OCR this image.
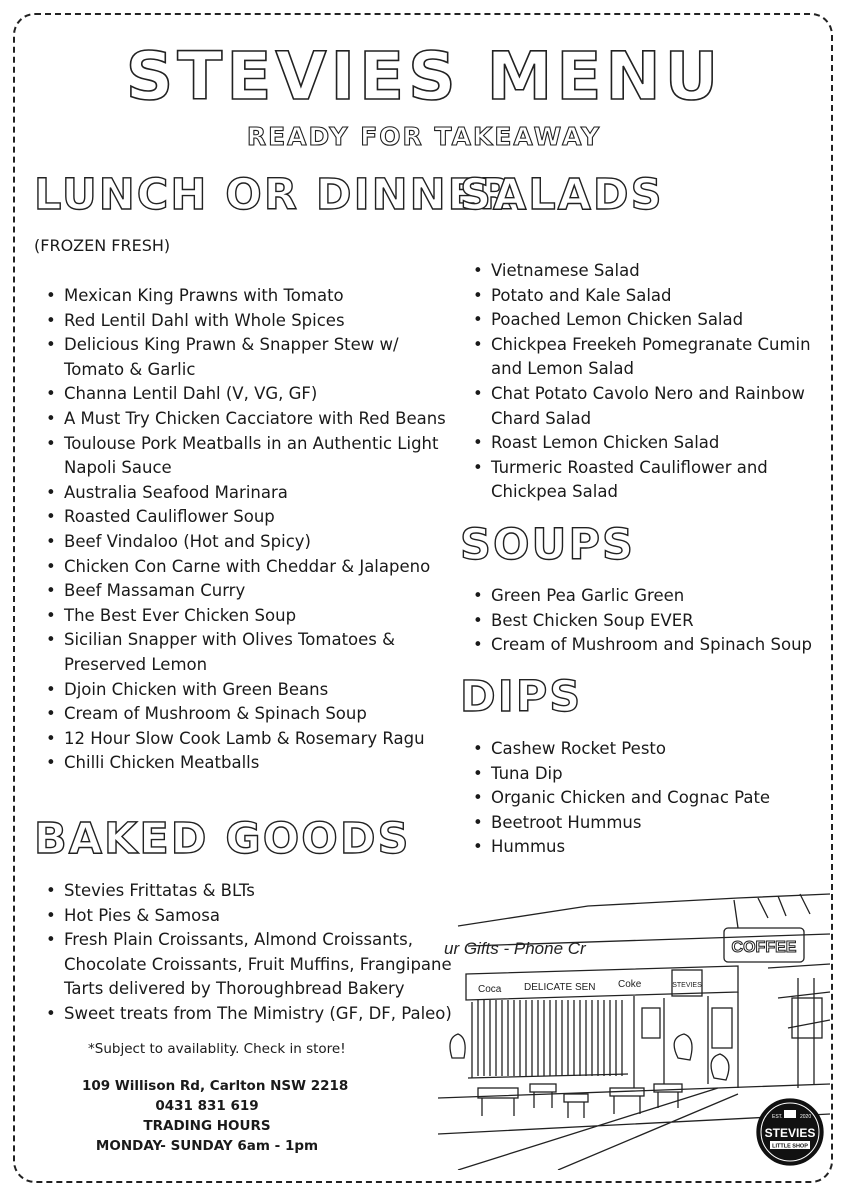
STEVIES MENU
READY FOR TAKEAWAY
LUNCH OR DINNER
(FROZEN FRESH)
• Mexican King Prawns with Tomato
• Red Lentil Dahl with Whole Spices
• Delicious King Prawn & Snapper Stew w/ Tomato & Garlic
• Channa Lentil Dahl (V, VG, GF)
• A Must Try Chicken Cacciatore with Red Beans
• Toulouse Pork Meatballs in an Authentic Light Napoli Sauce
• Australia Seafood Marinara
• Roasted Cauliflower Soup
• Beef Vindaloo (Hot and Spicy)
• Chicken Con Carne with Cheddar & Jalapeno
• Beef Massaman Curry
• The Best Ever Chicken Soup
• Sicilian Snapper with Olives Tomatoes & Preserved Lemon
• Djoin Chicken with Green Beans
• Cream of Mushroom & Spinach Soup
• 12 Hour Slow Cook Lamb & Rosemary Ragu
• Chilli Chicken Meatballs
BAKED GOODS
• Stevies Frittatas & BLTs
• Hot Pies & Samosa
• Fresh Plain Croissants, Almond Croissants, Chocolate Croissants, Fruit Muffins, Frangipane Tarts delivered by Thoroughbread Bakery
• Sweet treats from The Mimistry (GF, DF, Paleo)
*Subject to availablity. Check in store!
109 Willison Rd, Carlton NSW 2218
0431 831 619
TRADING HOURS
MONDAY- SUNDAY 6am - 1pm
SALADS
• Vietnamese Salad
• Potato and Kale Salad
• Poached Lemon Chicken Salad
• Chickpea Freekeh Pomegranate Cumin and Lemon Salad
• Chat Potato Cavolo Nero and Rainbow Chard Salad
• Roast Lemon Chicken Salad
• Turmeric Roasted Cauliflower and Chickpea Salad
SOUPS
• Green Pea Garlic Green
• Best Chicken Soup EVER
• Cream of Mushroom and Spinach Soup
DIPS
• Cashew Rocket Pesto
• Tuna Dip
• Organic Chicken and Cognac Pate
• Beetroot Hummus
• Hummus
ur Gifts - Phone Cr	COFFEE
Coca DELICATE SEN Coke	STEVIES
EST.	2020
STEVIES
LITTLE SHOP
